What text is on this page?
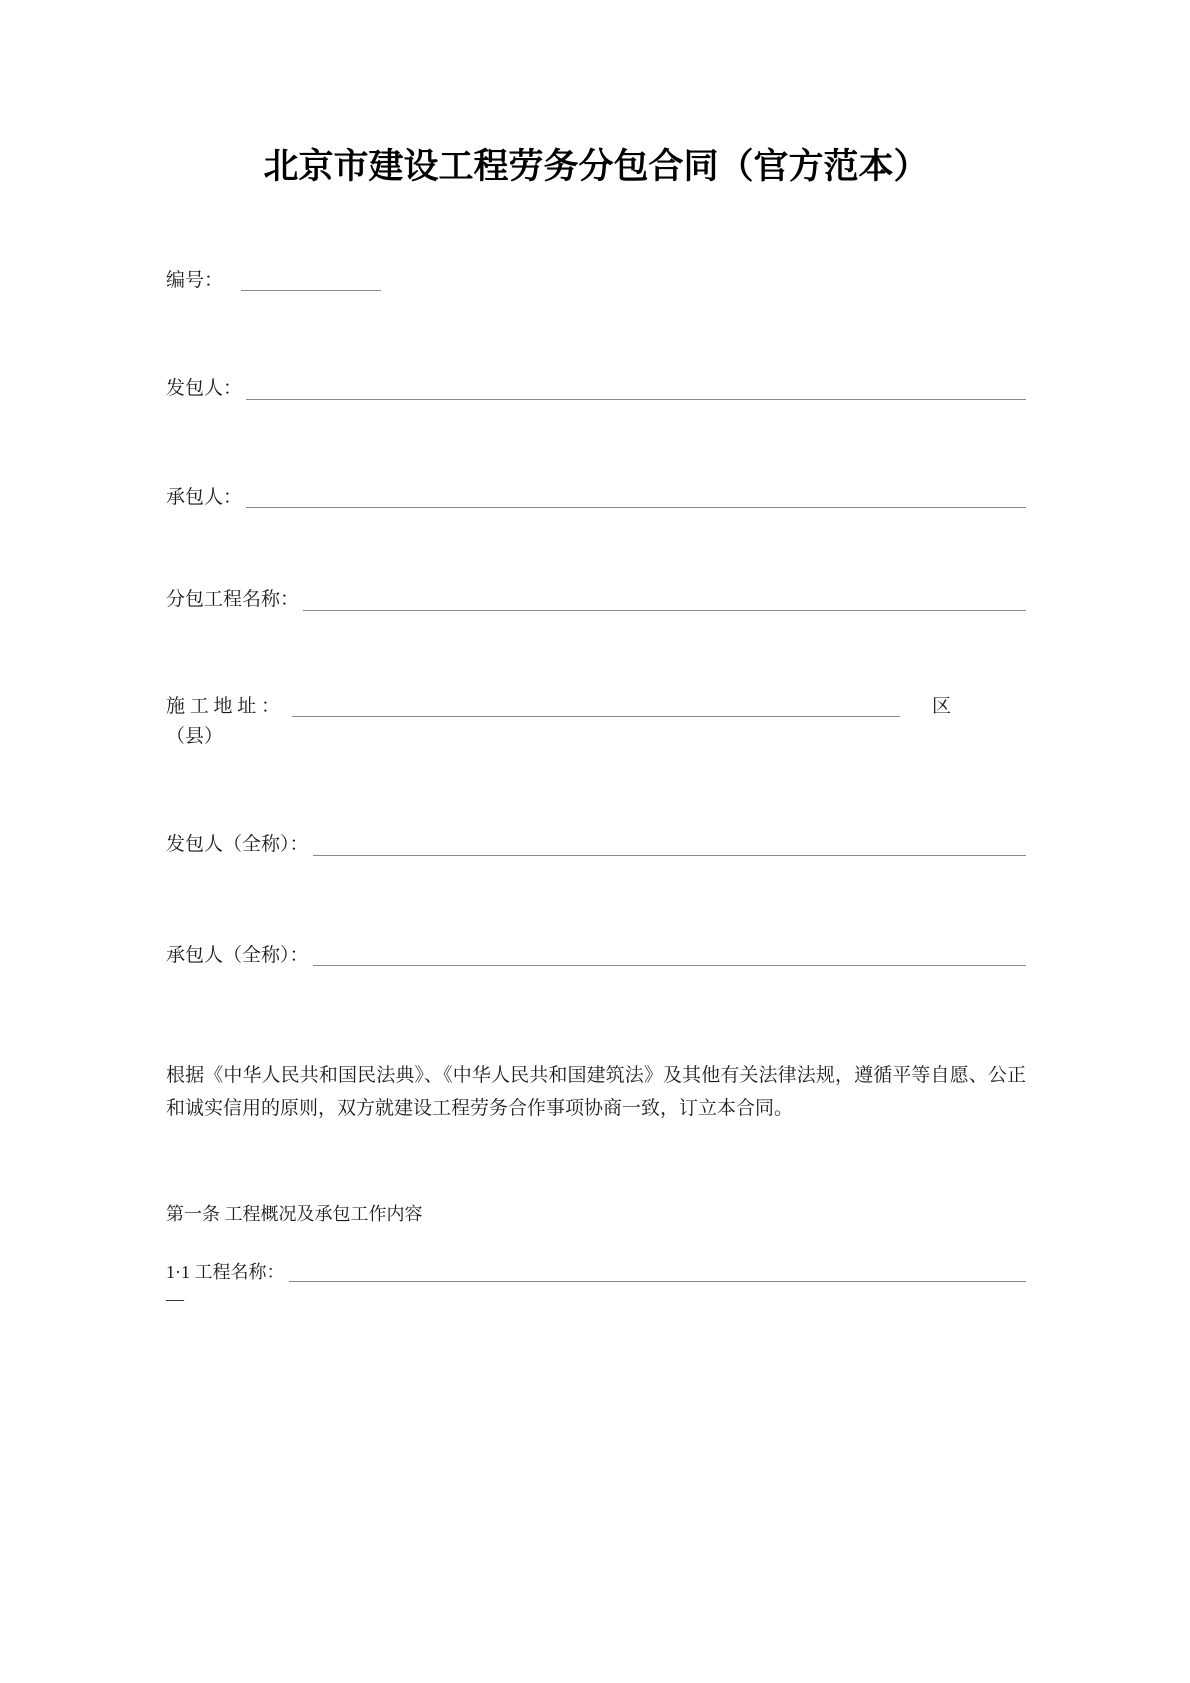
北京市建设工程劳务分包合同（官方范本）
编号：
发包人：
承包人：
分包工程名称：
施 工 地 址 ：	区
（县）
发包人（全称）：
承包人（全称）：

根据《中华人民共和国民法典》、《中华人民共和国建筑法》及其他有关法律法规，遵循平等自愿、公正和诚实信用的原则，双方就建设工程劳务合作事项协商一致，订立本合同。

第一条 工程概况及承包工作内容

1·1 工程名称：
—
